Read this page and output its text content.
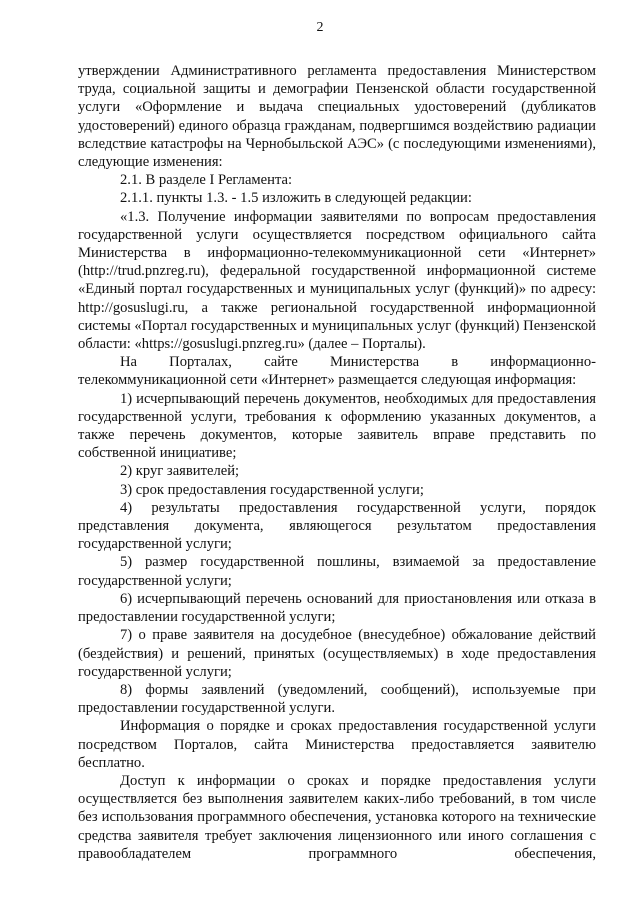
2

утверждении Административного регламента предоставления Министерством труда, социальной защиты и демографии Пензенской области государственной услуги «Оформление и выдача специальных удостоверений (дубликатов удостоверений) единого образца гражданам, подвергшимся воздействию радиации вследствие катастрофы на Чернобыльской АЭС» (с последующими изменениями), следующие изменения:

2.1. В разделе I Регламента:

2.1.1. пункты 1.3. - 1.5 изложить в следующей редакции:

«1.3. Получение информации заявителями по вопросам предоставления государственной услуги осуществляется посредством официального сайта Министерства в информационно-телекоммуникационной сети «Интернет» (http://trud.pnzreg.ru), федеральной государственной информационной системе «Единый портал государственных и муниципальных услуг (функций)» по адресу: http://gosuslugi.ru, а также региональной государственной информационной системы «Портал государственных и муниципальных услуг (функций) Пензенской области: «https://gosuslugi.pnzreg.ru» (далее – Порталы).

На Порталах, сайте Министерства в информационно-телекоммуникационной сети «Интернет» размещается следующая информация:

1) исчерпывающий перечень документов, необходимых для предоставления государственной услуги, требования к оформлению указанных документов, а также перечень документов, которые заявитель вправе представить по собственной инициативе;

2) круг заявителей;

3) срок предоставления государственной услуги;

4) результаты предоставления государственной услуги, порядок представления документа, являющегося результатом предоставления государственной услуги;

5) размер государственной пошлины, взимаемой за предоставление государственной услуги;

6) исчерпывающий перечень оснований для приостановления или отказа в предоставлении государственной услуги;

7) о праве заявителя на досудебное (внесудебное) обжалование действий (бездействия) и решений, принятых (осуществляемых) в ходе предоставления государственной услуги;

8) формы заявлений (уведомлений, сообщений), используемые при предоставлении государственной услуги.

Информация о порядке и сроках предоставления государственной услуги посредством Порталов, сайта Министерства предоставляется заявителю бесплатно.

Доступ к информации о сроках и порядке предоставления услуги осуществляется без выполнения заявителем каких-либо требований, в том числе без использования программного обеспечения, установка которого на технические средства заявителя требует заключения лицензионного или иного соглашения с правообладателем программного обеспечения,
